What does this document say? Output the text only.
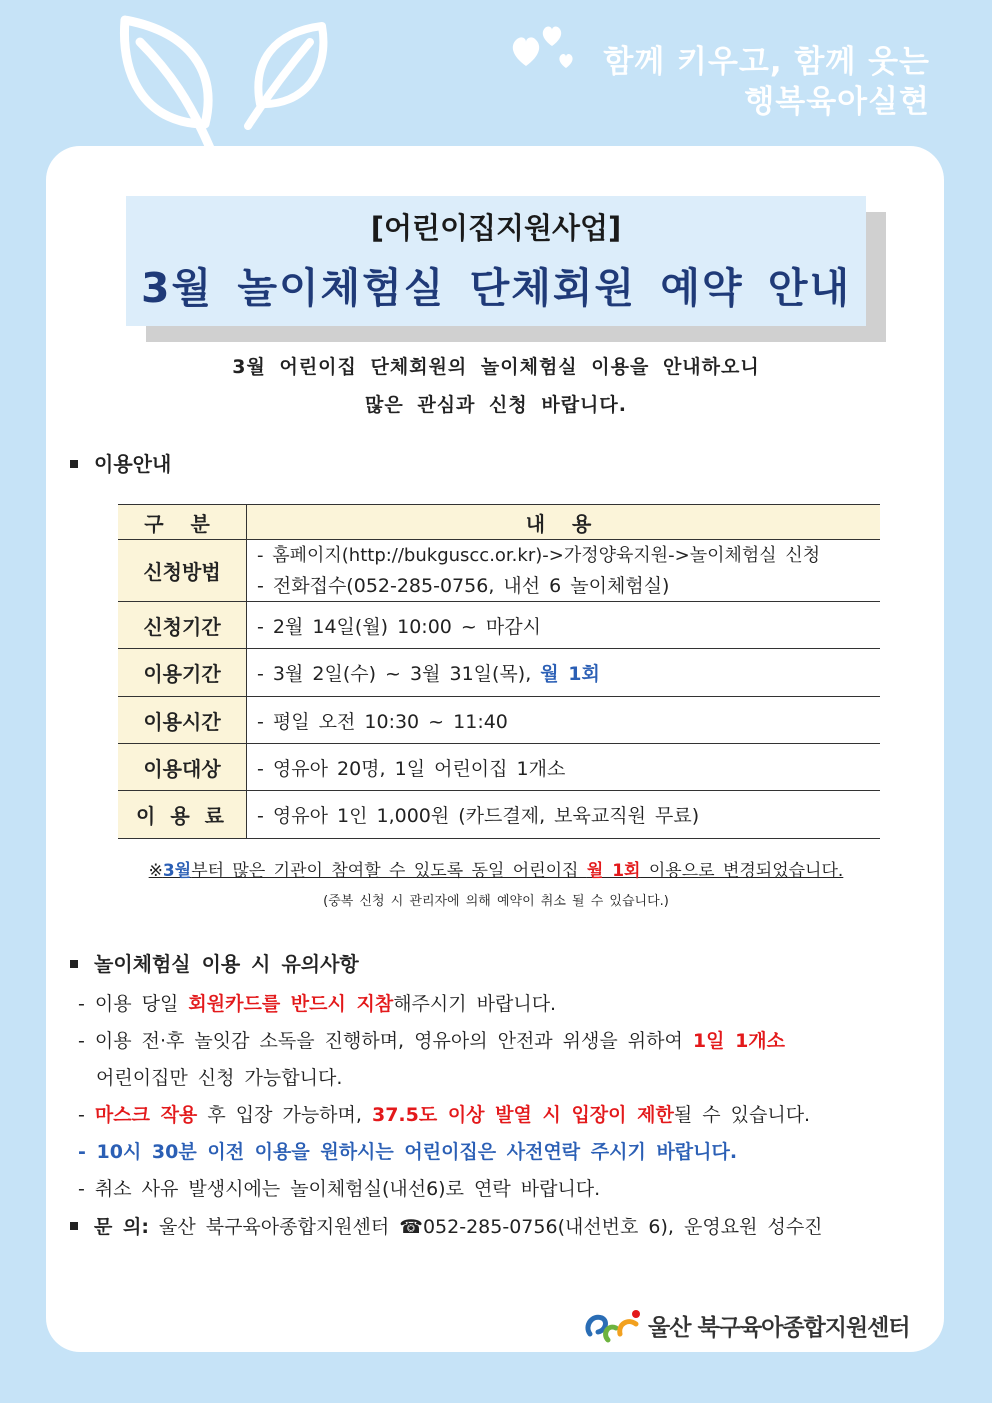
함께 키우고, 함께 웃는
행복육아실현
[어린이집지원사업]
3월 놀이체험실 단체회원 예약 안내
3월 어린이집 단체회원의 놀이체험실 이용을 안내하오니
많은 관심과 신청 바랍니다.
이용안내
구 분	내 용
신청방법	- 홈페이지(http://bukguscc.or.kr)->가정양육지원->놀이체험실 신청
- 전화접수(052-285-0756, 내선 6 놀이체험실)

신청기간	- 2월 14일(월) 10:00 ~ 마감시
이용기간	- 3월 2일(수) ~ 3월 31일(목), 월 1회
이용시간	- 평일 오전 10:30 ~ 11:40
이용대상	- 영유아 20명, 1일 어린이집 1개소
이 용 료	- 영유아 1인 1,000원 (카드결제, 보육교직원 무료)
※3월부터 많은 기관이 참여할 수 있도록 동일 어린이집 월 1회 이용으로 변경되었습니다.
(중복 신청 시 관리자에 의해 예약이 취소 될 수 있습니다.)
놀이체험실 이용 시 유의사항
- 이용 당일 회원카드를 반드시 지참해주시기 바랍니다.
- 이용 전·후 놀잇감 소독을 진행하며, 영유아의 안전과 위생을 위하여 1일 1개소
어린이집만 신청 가능합니다.
- 마스크 작용 후 입장 가능하며, 37.5도 이상 발열 시 입장이 제한될 수 있습니다.
- 10시 30분 이전 이용을 원하시는 어린이집은 사전연락 주시기 바랍니다.
- 취소 사유 발생시에는 놀이체험실(내선6)로 연락 바랍니다.
문 의: 울산 북구육아종합지원센터 ☎052-285-0756(내선번호 6), 운영요원 성수진
울산 북구육아종합지원센터
